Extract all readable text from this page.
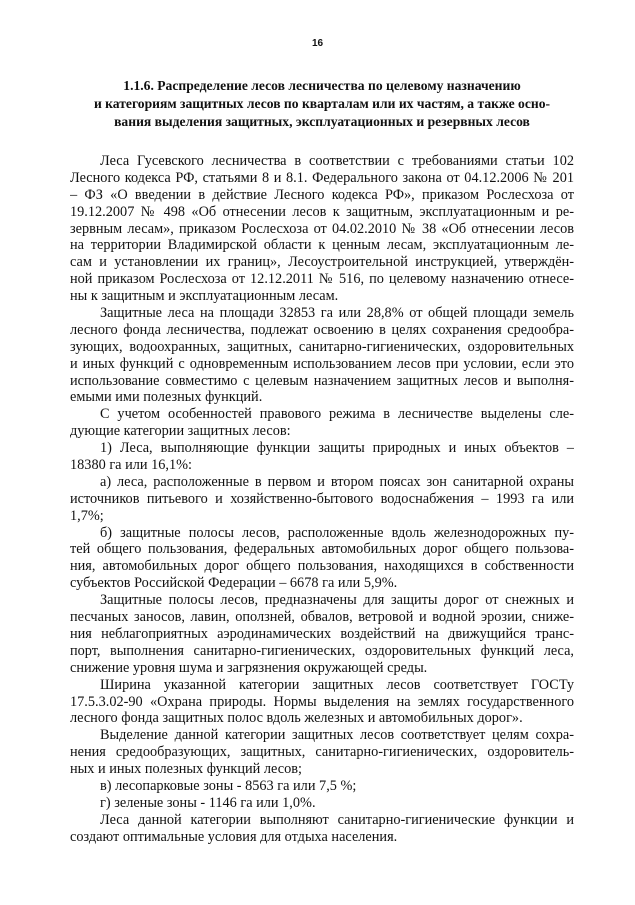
16
1.1.6. Распределение лесов лесничества по целевому назначению
и категориям защитных лесов по кварталам или их частям, а также осно-
вания выделения защитных, эксплуатационных и резервных лесов
Леса Гусевского лесничества в соответствии с требованиями статьи 102
Лесного кодекса РФ, статьями 8 и 8.1. Федерального закона от 04.12.2006 № 201
– ФЗ «О введении в действие Лесного кодекса РФ», приказом Рослесхоза от
19.12.2007 № 498 «Об отнесении лесов к защитным, эксплуатационным и ре-
зервным лесам», приказом Рослесхоза от 04.02.2010 № 38 «Об отнесении лесов
на территории Владимирской области к ценным лесам, эксплуатационным ле-
сам и установлении их границ», Лесоустроительной инструкцией, утверждён-
ной приказом Рослесхоза от 12.12.2011 № 516, по целевому назначению отнесе-
ны к защитным и эксплуатационным лесам.
Защитные леса на площади 32853 га или 28,8% от общей площади земель
лесного фонда лесничества, подлежат освоению в целях сохранения средообра-
зующих, водоохранных, защитных, санитарно-гигиенических, оздоровительных
и иных функций с одновременным использованием лесов при условии, если это
использование совместимо с целевым назначением защитных лесов и выполня-
емыми ими полезных функций.
С учетом особенностей правового режима в лесничестве выделены сле-
дующие категории защитных лесов:
1) Леса, выполняющие функции защиты природных и иных объектов –
18380 га или 16,1%:
а) леса, расположенные в первом и втором поясах зон санитарной охраны
источников питьевого и хозяйственно-бытового водоснабжения – 1993 га или
1,7%;
б) защитные полосы лесов, расположенные вдоль железнодорожных пу-
тей общего пользования, федеральных автомобильных дорог общего пользова-
ния, автомобильных дорог общего пользования, находящихся в собственности
субъектов Российской Федерации – 6678 га или 5,9%.
Защитные полосы лесов, предназначены для защиты дорог от снежных и
песчаных заносов, лавин, оползней, обвалов, ветровой и водной эрозии, сниже-
ния неблагоприятных аэродинамических воздействий на движущийся транс-
порт, выполнения санитарно-гигиенических, оздоровительных функций леса,
снижение уровня шума и загрязнения окружающей среды.
Ширина указанной категории защитных лесов соответствует ГОСТу
17.5.3.02-90 «Охрана природы. Нормы выделения на землях государственного
лесного фонда защитных полос вдоль железных и автомобильных дорог».
Выделение данной категории защитных лесов соответствует целям сохра-
нения средообразующих, защитных, санитарно-гигиенических, оздоровитель-
ных и иных полезных функций лесов;
в) лесопарковые зоны - 8563 га или 7,5 %;
г) зеленые зоны - 1146 га или 1,0%.
Леса данной категории выполняют санитарно-гигиенические функции и
создают оптимальные условия для отдыха населения.
